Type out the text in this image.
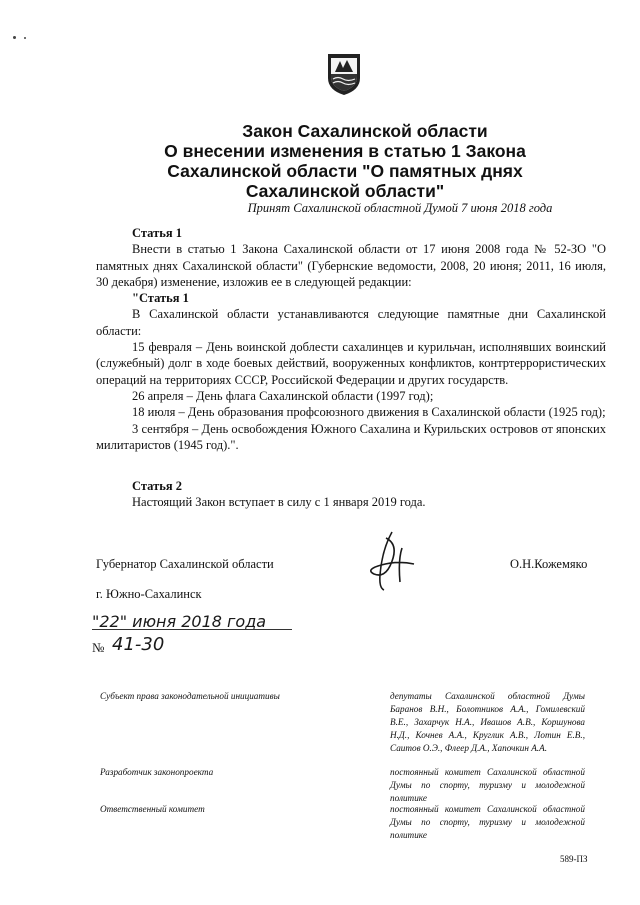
Закон Сахалинской области
О внесении изменения в статью 1 Закона
Сахалинской области "О памятных днях
Сахалинской области"
Принят Сахалинской областной Думой 7 июня 2018 года

Статья 1

Внести в статью 1 Закона Сахалинской области от 17 июня 2008 года № 52-ЗО "О памятных днях Сахалинской области" (Губернские ведомости, 2008, 20 июня; 2011, 16 июля, 30 декабря) изменение, изложив ее в следующей редакции:

"Статья 1

В Сахалинской области устанавливаются следующие памятные дни Сахалинской области:

15 февраля – День воинской доблести сахалинцев и курильчан, исполнявших воинский (служебный) долг в ходе боевых действий, вооруженных конфликтов, контртеррористических операций на территориях СССР, Российской Федерации и других государств.

26 апреля – День флага Сахалинской области (1997 год);

18 июля – День образования профсоюзного движения в Сахалинской области (1925 год);

3 сентября – День освобождения Южного Сахалина и Курильских островов от японских милитаристов (1945 год).".

Статья 2

Настоящий Закон вступает в силу с 1 января 2019 года.

Губернатор Сахалинской области	О.Н.Кожемяко
г. Южно-Сахалинск
"22" июня 2018 года
№ 41-30
Субъект права законодательной инициативы	депутаты Сахалинской областной Думы Баранов В.Н., Болотников А.А., Гомилевский В.Е., Захарчук Н.А., Ивашов А.В., Коршунова Н.Д., Кочнев А.А., Круглик А.В., Лотин Е.В., Саитов О.Э., Флеер Д.А., Хапочкин А.А.
Разработчик законопроекта	постоянный комитет Сахалинской областной Думы по спорту, туризму и молодежной политике
Ответственный комитет	постоянный комитет Сахалинской областной Думы по спорту, туризму и молодежной политике
589-ПЗ
